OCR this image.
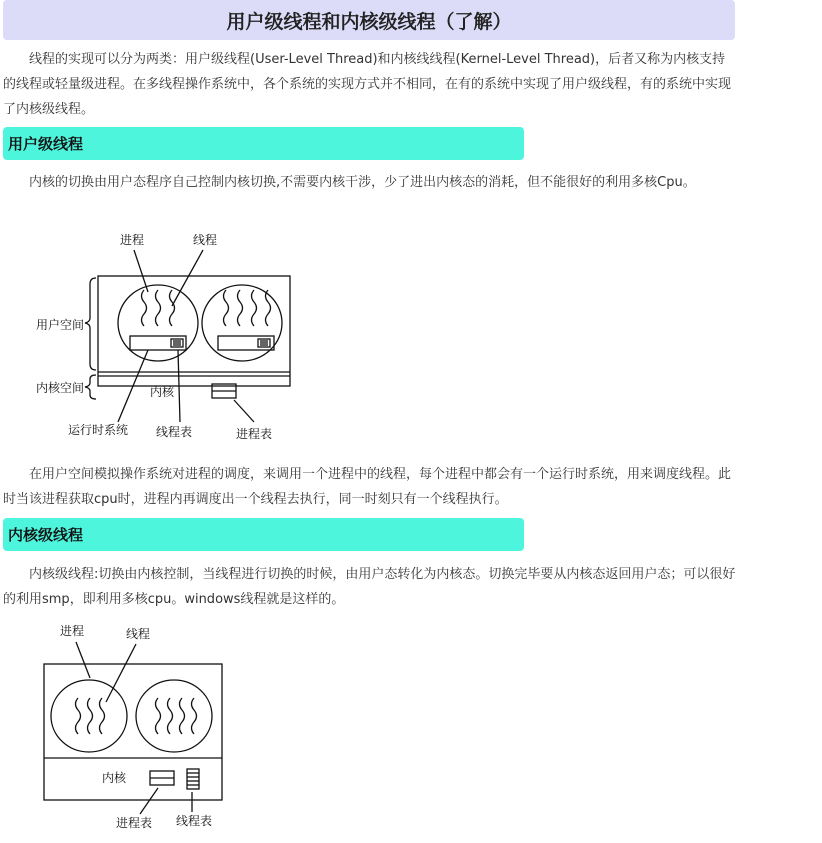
用户级线程和内核级线程（了解）

线程的实现可以分为两类：用户级线程(User-Level Thread)和内核线线程(Kernel-Level Thread)，后者又称为内核支持的线程或轻量级进程。在多线程操作系统中，各个系统的实现方式并不相同，在有的系统中实现了用户级线程，有的系统中实现了内核级线程。

用户级线程

内核的切换由用户态程序自己控制内核切换,不需要内核干涉，少了进出内核态的消耗，但不能很好的利用多核Cpu。

进程	线程
内核
用户空间
内核空间
运行时系统 线程表	进程表

在用户空间模拟操作系统对进程的调度，来调用一个进程中的线程，每个进程中都会有一个运行时系统，用来调度线程。此时当该进程获取cpu时，进程内再调度出一个线程去执行，同一时刻只有一个线程执行。

内核级线程

内核级线程:切换由内核控制，当线程进行切换的时候，由用户态转化为内核态。切换完毕要从内核态返回用户态；可以很好的利用smp，即利用多核cpu。windows线程就是这样的。

进程	线程
内核
进程表 线程表
